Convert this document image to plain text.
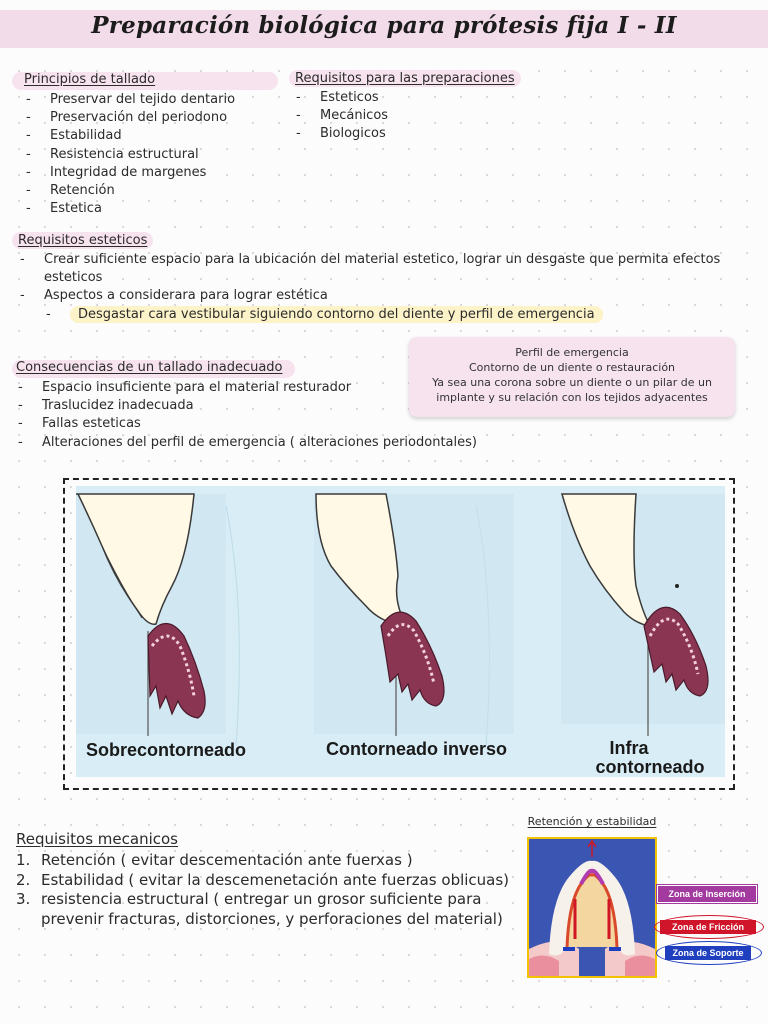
Preparación biológica para prótesis fija I - II
Principios de tallado
- Preservar del tejido dentario
- Preservación del periodono
- Estabilidad
- Resistencia estructural
- Integridad de margenes
- Retención
- Estetica
Requisitos para las preparaciones
- Esteticos
- Mecánicos
- Biologicos
Requisitos esteticos
- Crear suficiente espacio para la ubicación del material estetico, lograr un desgaste que permita efectos esteticos
- Aspectos a considerara para lograr estética
- Desgastar cara vestibular siguiendo contorno del diente y perfil de emergencia
Consecuencias de un tallado inadecuado
- Espacio insuficiente para el material resturador
- Traslucidez inadecuada
- Fallas esteticas
- Alteraciones del perfil de emergencia ( alteraciones periodontales)
Perfil de emergencia
Contorno de un diente o restauración
Ya sea una corona sobre un diente o un pilar de un
implante y su relación con los tejidos adyacentes
Sobrecontorneado	Contorneado inverso	Infra
contorneado
Requisitos mecanicos
1. Retención ( evitar descementación ante fuerxas )
2. Estabilidad ( evitar la descemenetación ante fuerzas oblicuas)
3. resistencia estructural ( entregar un grosor suficiente para
prevenir fracturas, distorciones, y perforaciones del material)
Retención y estabilidad
Zona de Inserción
Zona de Fricción
Zona de Soporte
